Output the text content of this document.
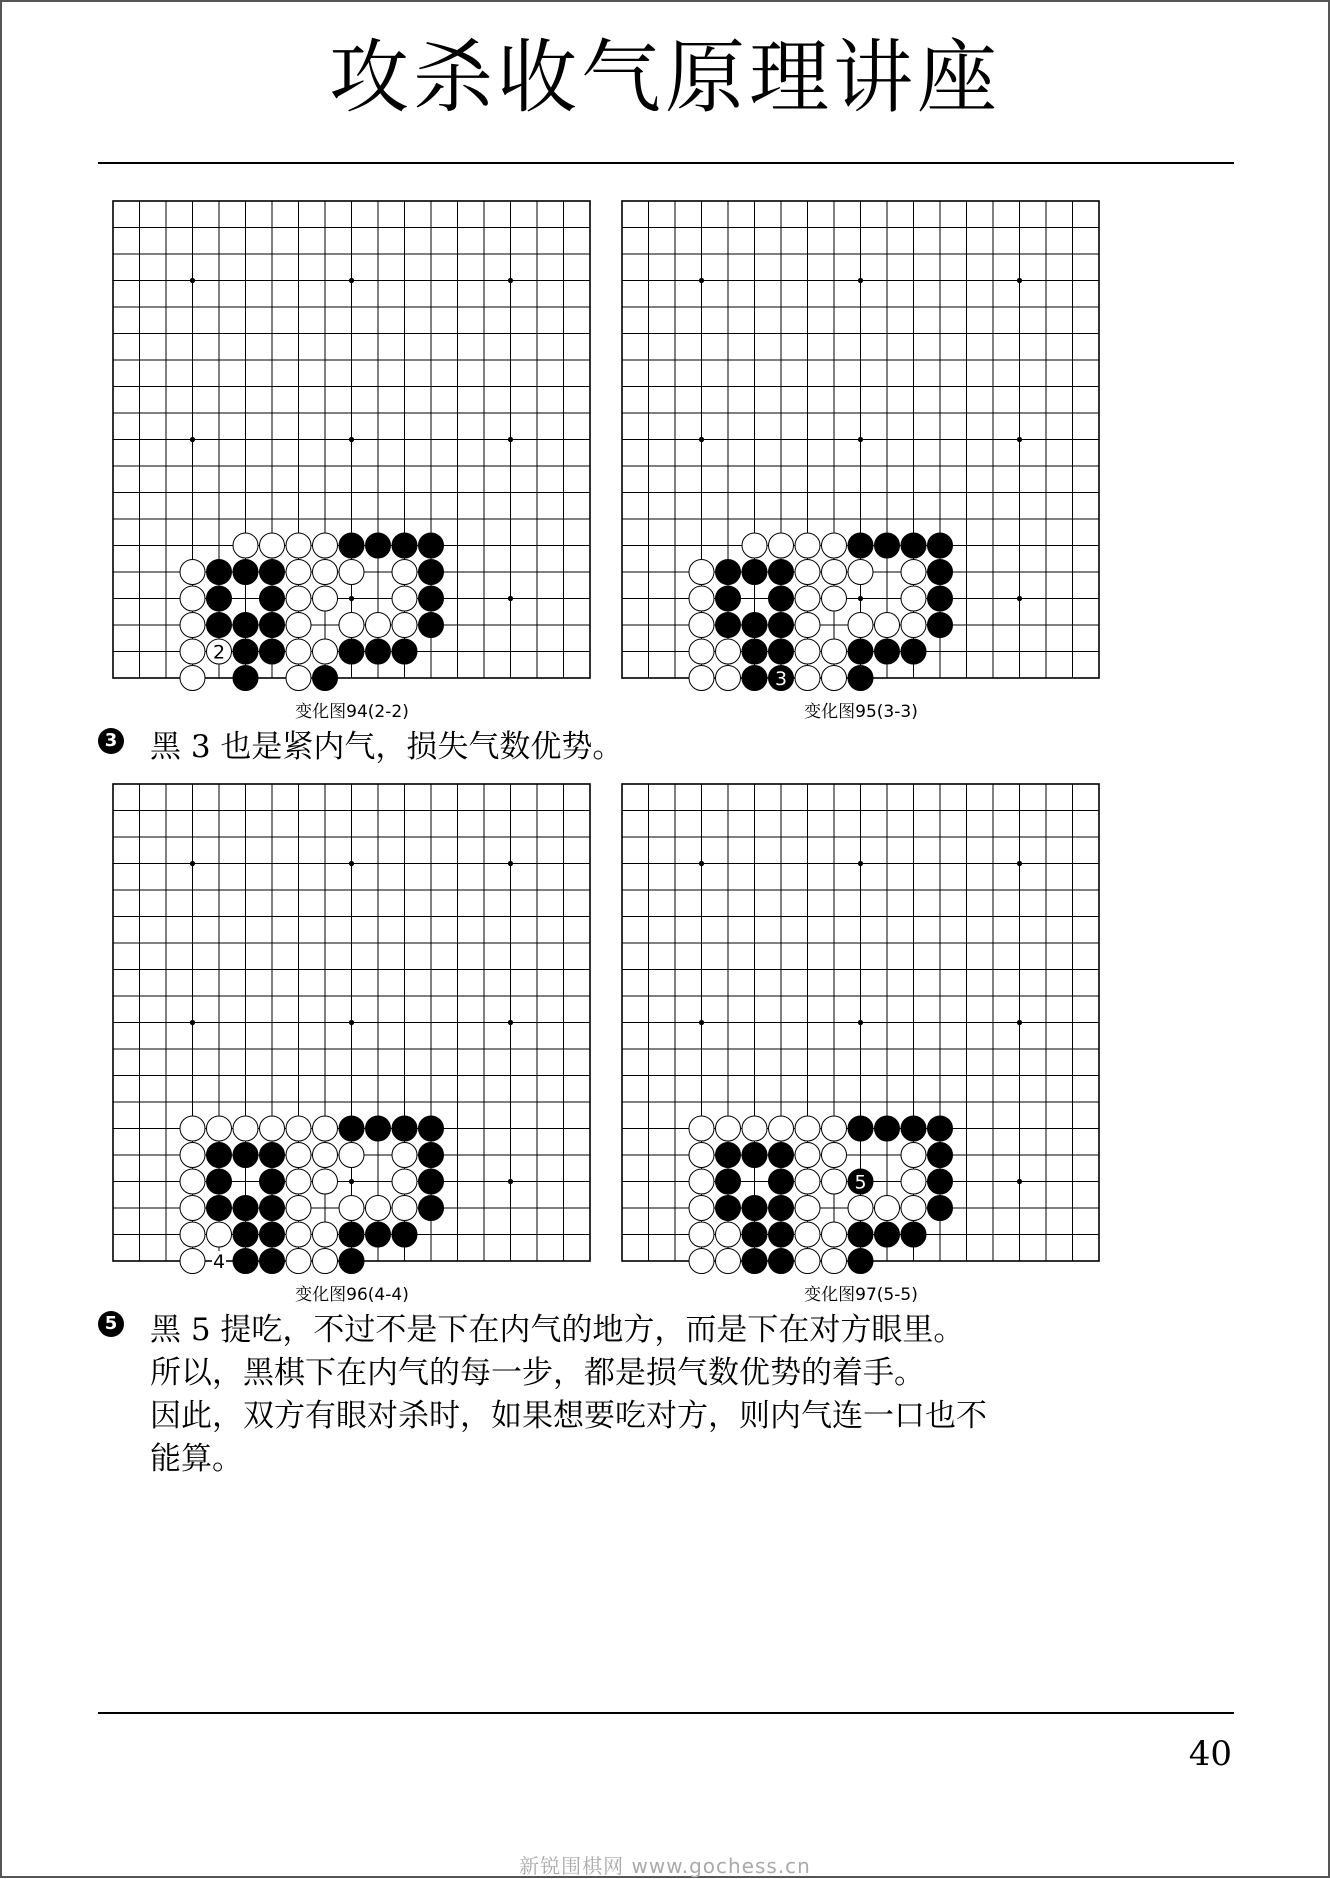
攻杀收气原理讲座
2
3
变化图94(2-2)	变化图95(3-3)
3 黑 3 也是紧内气，损失气数优势。
4
5
变化图96(4-4)	变化图97(5-5)
5 黑 5 提吃，不过不是下在内气的地方，而是下在对方眼里。
所以，黑棋下在内气的每一步，都是损气数优势的着手。
因此，双方有眼对杀时，如果想要吃对方，则内气连一口也不
能算。
40
新锐围棋网 www.gochess.cn
